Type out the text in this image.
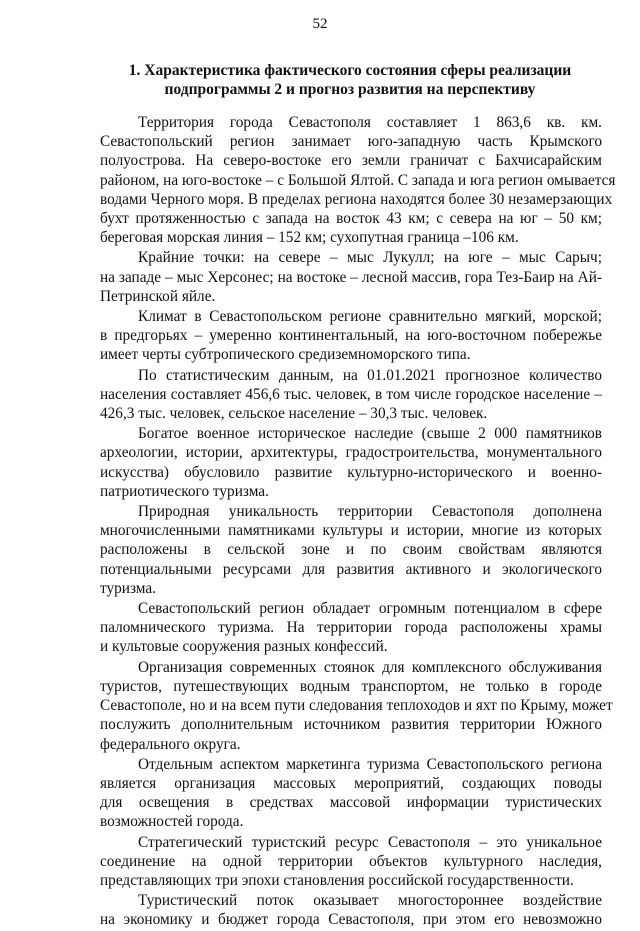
52
1. Характеристика фактического состояния сферы реализации
подпрограммы 2 и прогноз развития на перспективу
Территория города Севастополя составляет 1 863,6 кв. км.
Севастопольский регион занимает юго-западную часть Крымского
полуострова. На северо-востоке его земли граничат с Бахчисарайским
районом, на юго-востоке – с Большой Ялтой. С запада и юга регион омывается
водами Черного моря. В пределах региона находятся более 30 незамерзающих
бухт протяженностью с запада на восток 43 км; с севера на юг – 50 км;
береговая морская линия – 152 км; сухопутная граница –106 км.
Крайние точки: на севере – мыс Лукулл; на юге – мыс Сарыч;
на западе – мыс Херсонес; на востоке – лесной массив, гора Тез-Баир на Ай-
Петринской яйле.
Климат в Севастопольском регионе сравнительно мягкий, морской;
в предгорьях – умеренно континентальный, на юго-восточном побережье
имеет черты субтропического средиземноморского типа.
По статистическим данным, на 01.01.2021 прогнозное количество
населения составляет 456,6 тыс. человек, в том числе городское население –
426,3 тыс. человек, сельское население – 30,3 тыс. человек.
Богатое военное историческое наследие (свыше 2 000 памятников
археологии, истории, архитектуры, градостроительства, монументального
искусства) обусловило развитие культурно-исторического и военно-
патриотического туризма.
Природная уникальность территории Севастополя дополнена
многочисленными памятниками культуры и истории, многие из которых
расположены в сельской зоне и по своим свойствам являются
потенциальными ресурсами для развития активного и экологического
туризма.
Севастопольский регион обладает огромным потенциалом в сфере
паломнического туризма. На территории города расположены храмы
и культовые сооружения разных конфессий.
Организация современных стоянок для комплексного обслуживания
туристов, путешествующих водным транспортом, не только в городе
Севастополе, но и на всем пути следования теплоходов и яхт по Крыму, может
послужить дополнительным источником развития территории Южного
федерального округа.
Отдельным аспектом маркетинга туризма Севастопольского региона
является организация массовых мероприятий, создающих поводы
для освещения в средствах массовой информации туристических
возможностей города.
Стратегический туристский ресурс Севастополя – это уникальное
соединение на одной территории объектов культурного наследия,
представляющих три эпохи становления российской государственности.
Туристический поток оказывает многостороннее воздействие
на экономику и бюджет города Севастополя, при этом его невозможно
